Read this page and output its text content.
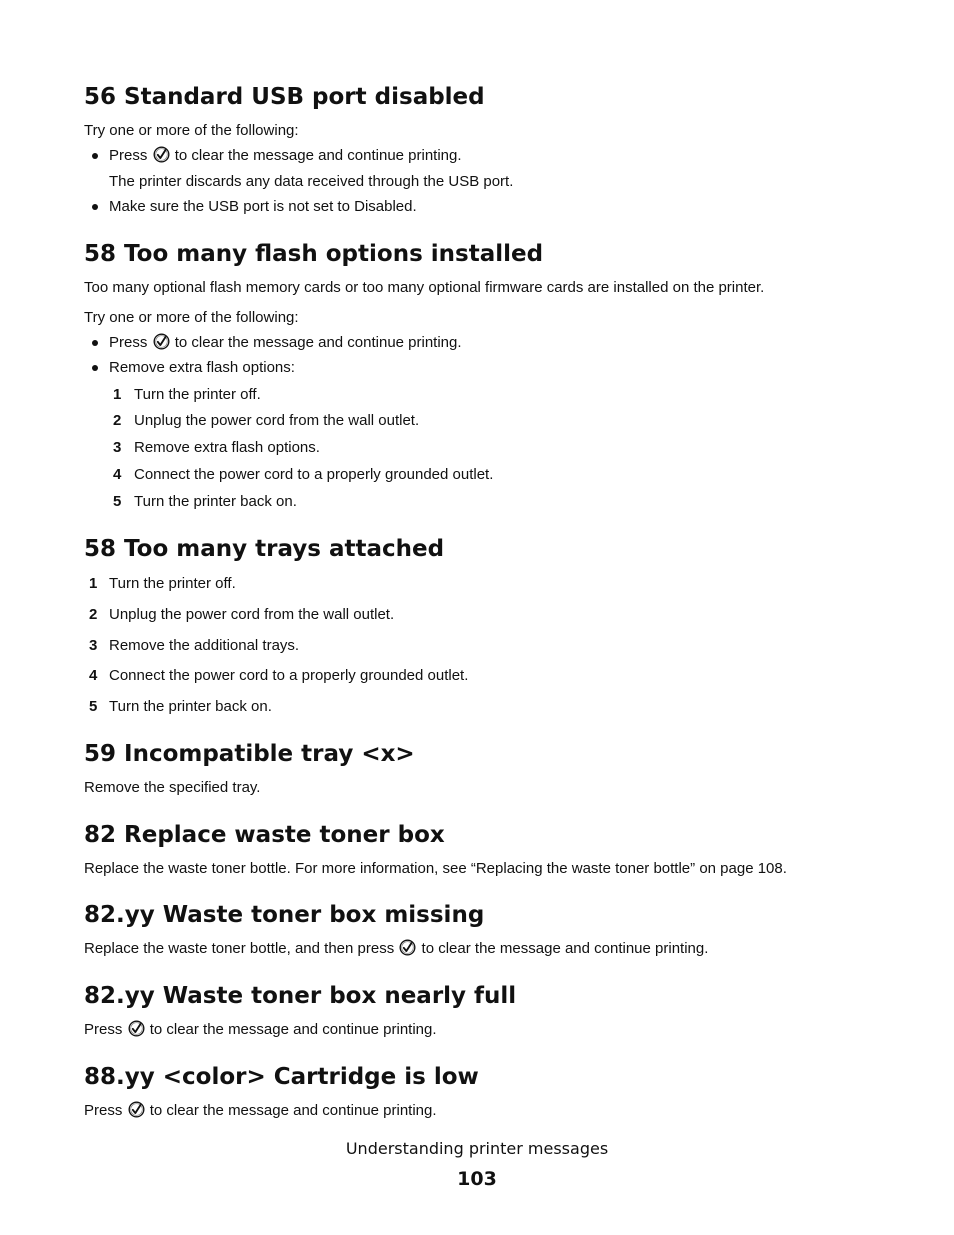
56 Standard USB port disabled

Try one or more of the following:

Press to clear the message and continue printing.

The printer discards any data received through the USB port.

Make sure the USB port is not set to Disabled.

58 Too many flash options installed

Too many optional flash memory cards or too many optional firmware cards are installed on the printer.

Try one or more of the following:

Press to clear the message and continue printing.

Remove extra flash options:

1 Turn the printer off.
2 Unplug the power cord from the wall outlet.
3 Remove extra flash options.
4 Connect the power cord to a properly grounded outlet.
5 Turn the printer back on.
58 Too many trays attached
1 Turn the printer off.
2 Unplug the power cord from the wall outlet.
3 Remove the additional trays.
4 Connect the power cord to a properly grounded outlet.
5 Turn the printer back on.
59 Incompatible tray <x>

Remove the specified tray.

82 Replace waste toner box

Replace the waste toner bottle. For more information, see “Replacing the waste toner bottle” on page 108.

82.yy Waste toner box missing

Replace the waste toner bottle, and then press to clear the message and continue printing.

82.yy Waste toner box nearly full

Press to clear the message and continue printing.

88.yy <color> Cartridge is low

Press to clear the message and continue printing.

Understanding printer messages
103
